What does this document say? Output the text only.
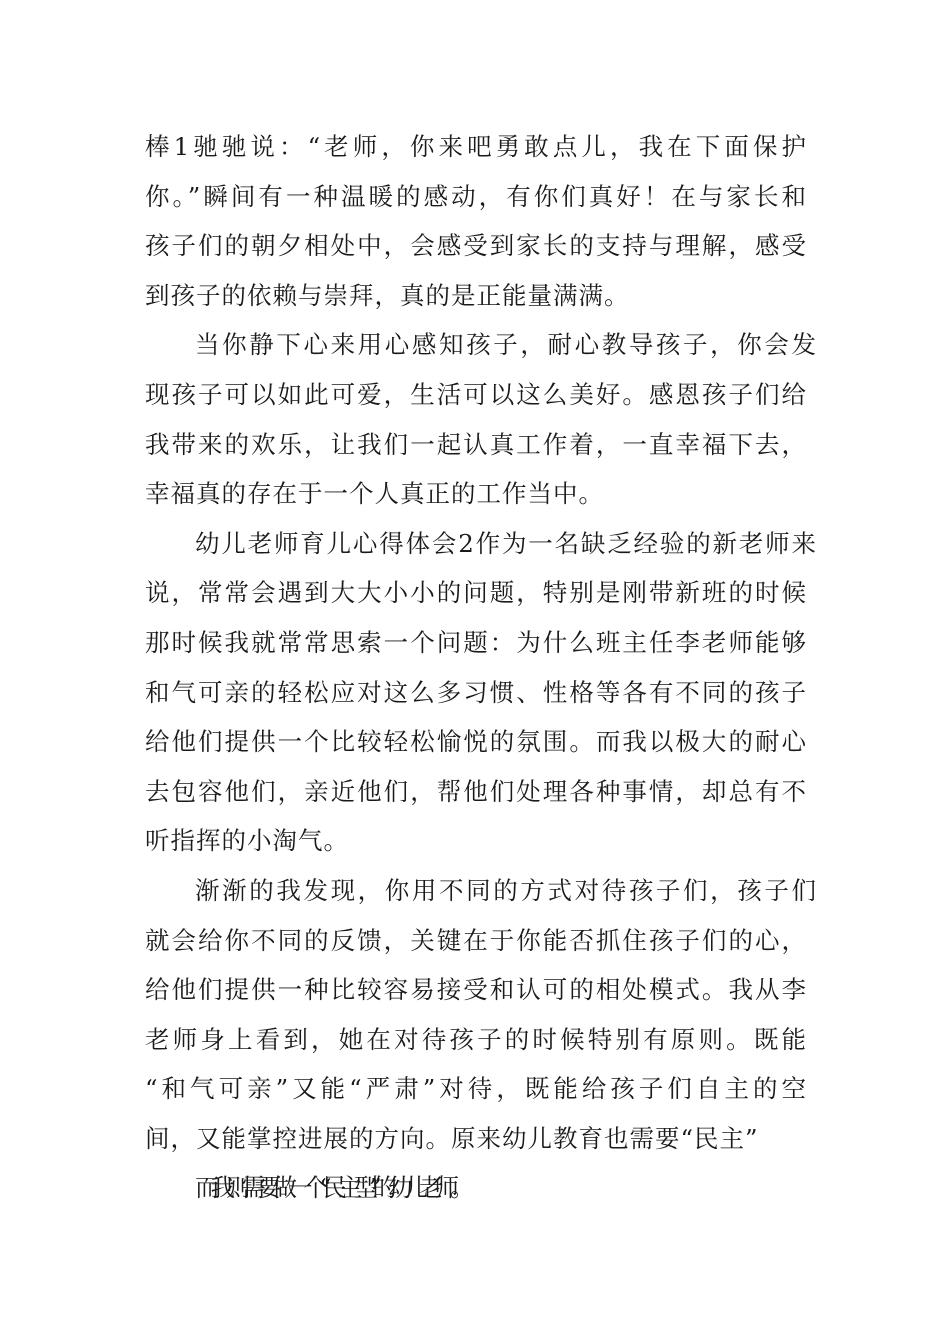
棒1驰驰说：“老师，你来吧勇敢点儿，我在下面保护
你。”瞬间有一种温暖的感动，有你们真好！在与家长和
孩子们的朝夕相处中，会感受到家长的支持与理解，感受
到孩子的依赖与崇拜，真的是正能量满满。
当你静下心来用心感知孩子，耐心教导孩子，你会发
现孩子可以如此可爱，生活可以这么美好。感恩孩子们给
我带来的欢乐，让我们一起认真工作着，一直幸福下去，
幸福真的存在于一个人真正的工作当中。
幼儿老师育儿心得体会2作为一名缺乏经验的新老师来
说，常常会遇到大大小小的问题，特别是刚带新班的时候
那时候我就常常思索一个问题：为什么班主任李老师能够
和气可亲的轻松应对这么多习惯、性格等各有不同的孩子
给他们提供一个比较轻松愉悦的氛围。而我以极大的耐心
去包容他们，亲近他们，帮他们处理各种事情，却总有不
听指挥的小淘气。
渐渐的我发现，你用不同的方式对待孩子们，孩子们
就会给你不同的反馈，关键在于你能否抓住孩子们的心，
给他们提供一种比较容易接受和认可的相处模式。我从李
老师身上看到，她在对待孩子的时候特别有原则。既能
“和气可亲”又能“严肃”对待，既能给孩子们自主的空
间，又能掌控进展的方向。原来幼儿教育也需要“民主”
而我则需要做一个“民主型”的幼儿老师。
